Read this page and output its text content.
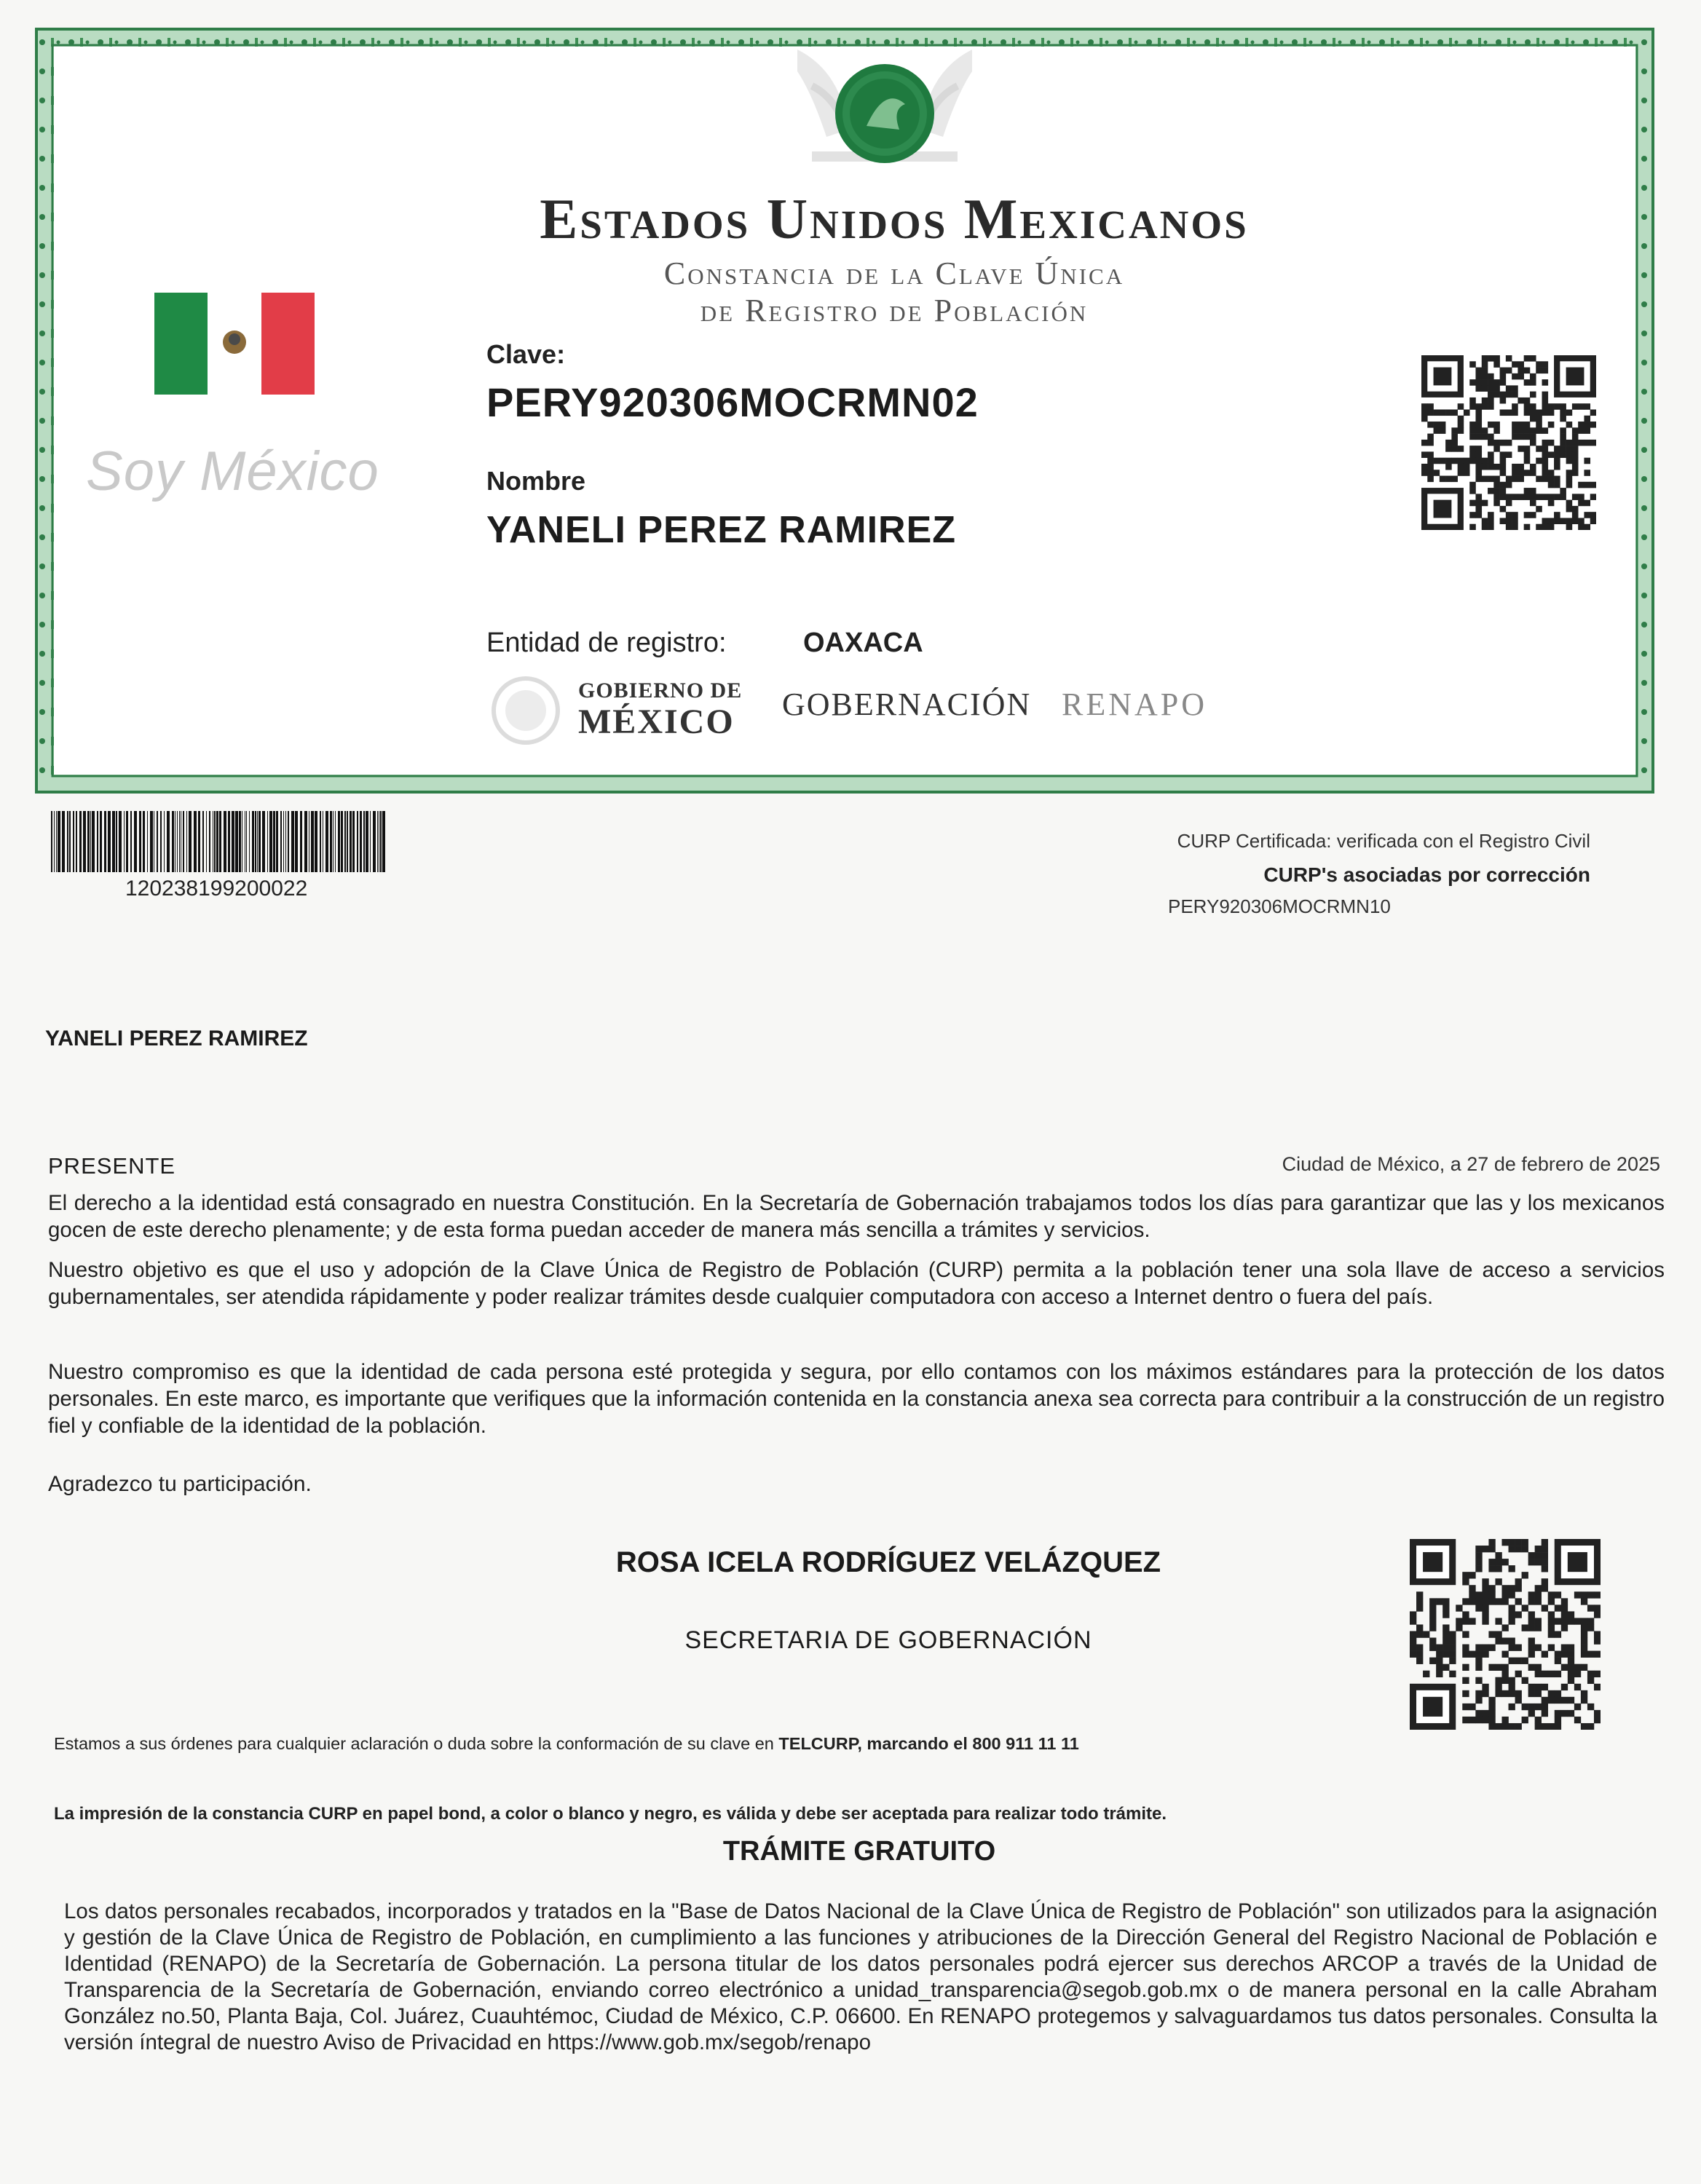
Estados Unidos Mexicanos
Constancia de la Clave Única
de Registro de Población
Soy México
Clave:
PERY920306MOCRMN02
Nombre
YANELI PEREZ RAMIREZ
Entidad de registro:	OAXACA
GOBIERNO DE
MÉXICO GOBERNACIÓN RENAPO
120238199200022
CURP Certificada: verificada con el Registro Civil
CURP's asociadas por corrección
PERY920306MOCRMN10
YANELI PEREZ RAMIREZ
PRESENTE	Ciudad de México, a 27 de febrero de 2025
El derecho a la identidad está consagrado en nuestra Constitución. En la Secretaría de Gobernación trabajamos todos los días para garantizar que las y los mexicanos gocen de este derecho plenamente; y de esta forma puedan acceder de manera más sencilla a trámites y servicios.
Nuestro objetivo es que el uso y adopción de la Clave Única de Registro de Población (CURP) permita a la población tener una sola llave de acceso a servicios gubernamentales, ser atendida rápidamente y poder realizar trámites desde cualquier computadora con acceso a Internet dentro o fuera del país.
Nuestro compromiso es que la identidad de cada persona esté protegida y segura, por ello contamos con los máximos estándares para la protección de los datos personales. En este marco, es importante que verifiques que la información contenida en la constancia anexa sea correcta para contribuir a la construcción de un registro fiel y confiable de la identidad de la población.
Agradezco tu participación.
ROSA ICELA RODRÍGUEZ VELÁZQUEZ
SECRETARIA DE GOBERNACIÓN
Estamos a sus órdenes para cualquier aclaración o duda sobre la conformación de su clave en TELCURP, marcando el 800 911 11 11
La impresión de la constancia CURP en papel bond, a color o blanco y negro, es válida y debe ser aceptada para realizar todo trámite.
TRÁMITE GRATUITO
Los datos personales recabados, incorporados y tratados en la "Base de Datos Nacional de la Clave Única de Registro de Población" son utilizados para la asignación y gestión de la Clave Única de Registro de Población, en cumplimiento a las funciones y atribuciones de la Dirección General del Registro Nacional de Población e Identidad (RENAPO) de la Secretaría de Gobernación. La persona titular de los datos personales podrá ejercer sus derechos ARCOP a través de la Unidad de Transparencia de la Secretaría de Gobernación, enviando correo electrónico a unidad_transparencia@segob.gob.mx o de manera personal en la calle Abraham González no.50, Planta Baja, Col. Juárez, Cuauhtémoc, Ciudad de México, C.P. 06600. En RENAPO protegemos y salvaguardamos tus datos personales. Consulta la versión íntegral de nuestro Aviso de Privacidad en https://www.gob.mx/segob/renapo
